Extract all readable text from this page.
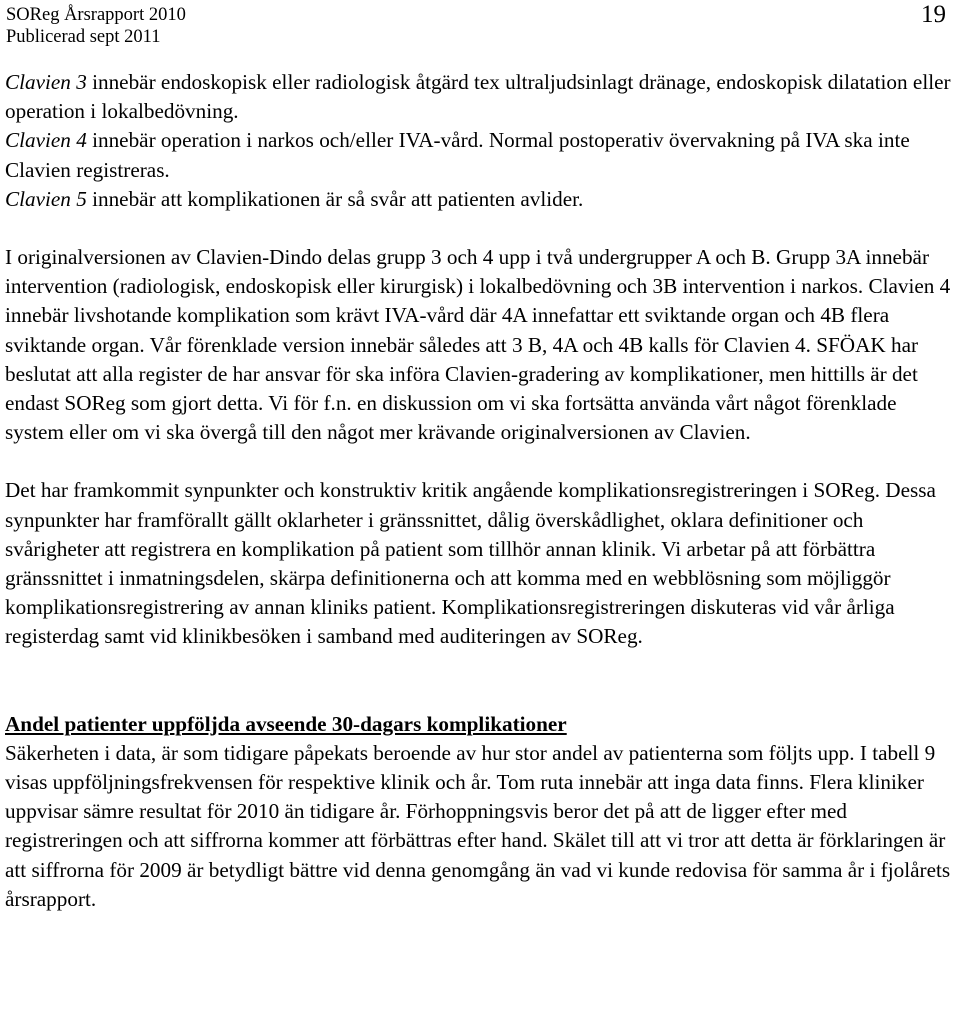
SOReg Årsrapport 2010
Publicerad sept 2011
19

Clavien 3 innebär endoskopisk eller radiologisk åtgärd tex ultraljudsinlagt dränage, endoskopisk dilatation eller operation i lokalbedövning.

Clavien 4 innebär operation i narkos och/eller IVA-vård. Normal postoperativ övervakning på IVA ska inte Clavien registreras.

Clavien 5 innebär att komplikationen är så svår att patienten avlider.

I originalversionen av Clavien-Dindo delas grupp 3 och 4 upp i två undergrupper A och B. Grupp 3A innebär intervention (radiologisk, endoskopisk eller kirurgisk) i lokalbedövning och 3B intervention i narkos. Clavien 4 innebär livshotande komplikation som krävt IVA-vård där 4A innefattar ett sviktande organ och 4B flera sviktande organ. Vår förenklade version innebär således att 3 B, 4A och 4B kalls för Clavien 4. SFÖAK har beslutat att alla register de har ansvar för ska införa Clavien-gradering av komplikationer, men hittills är det endast SOReg som gjort detta. Vi för f.n. en diskussion om vi ska fortsätta använda vårt något förenklade system eller om vi ska övergå till den något mer krävande originalversionen av Clavien.

Det har framkommit synpunkter och konstruktiv kritik angående komplikationsregistreringen i SOReg. Dessa synpunkter har framförallt gällt oklarheter i gränssnittet, dålig överskådlighet, oklara definitioner och svårigheter att registrera en komplikation på patient som tillhör annan klinik. Vi arbetar på att förbättra gränssnittet i inmatningsdelen, skärpa definitionerna och att komma med en webblösning som möjliggör komplikationsregistrering av annan kliniks patient. Komplikationsregistreringen diskuteras vid vår årliga registerdag samt vid klinikbesöken i samband med auditeringen av SOReg.

Andel patienter uppföljda avseende 30-dagars komplikationer

Säkerheten i data, är som tidigare påpekats beroende av hur stor andel av patienterna som följts upp. I tabell 9 visas uppföljningsfrekvensen för respektive klinik och år. Tom ruta innebär att inga data finns. Flera kliniker uppvisar sämre resultat för 2010 än tidigare år. Förhoppningsvis beror det på att de ligger efter med registreringen och att siffrorna kommer att förbättras efter hand. Skälet till att vi tror att detta är förklaringen är att siffrorna för 2009 är betydligt bättre vid denna genomgång än vad vi kunde redovisa för samma år i fjolårets årsrapport.
